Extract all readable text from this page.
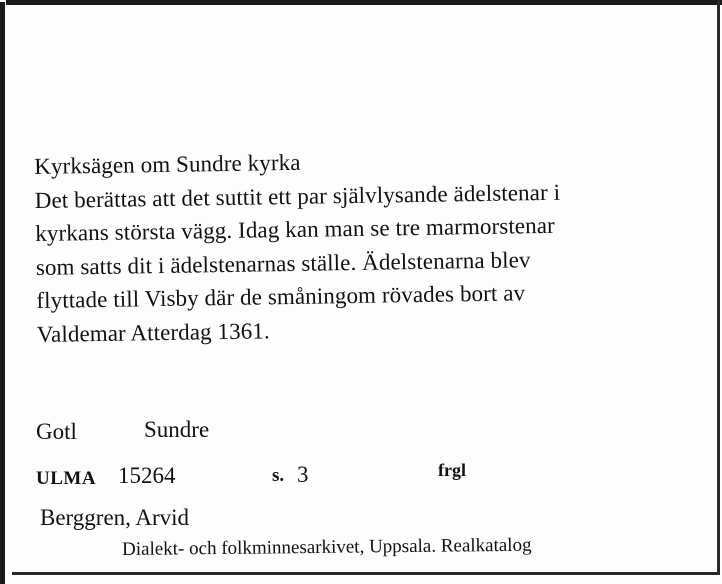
Kyrksägen om Sundre kyrka
Det berättas att det suttit ett par självlysande ädelstenar i
kyrkans största vägg. Idag kan man se tre marmorstenar
som satts dit i ädelstenarnas ställe. Ädelstenarna blev
flyttade till Visby där de småningom rövades bort av
Valdemar Atterdag 1361.
Gotl	Sundre
ULMA 15264	s. 3	frgl
Berggren, Arvid
Dialekt- och folkminnesarkivet, Uppsala. Realkatalog
